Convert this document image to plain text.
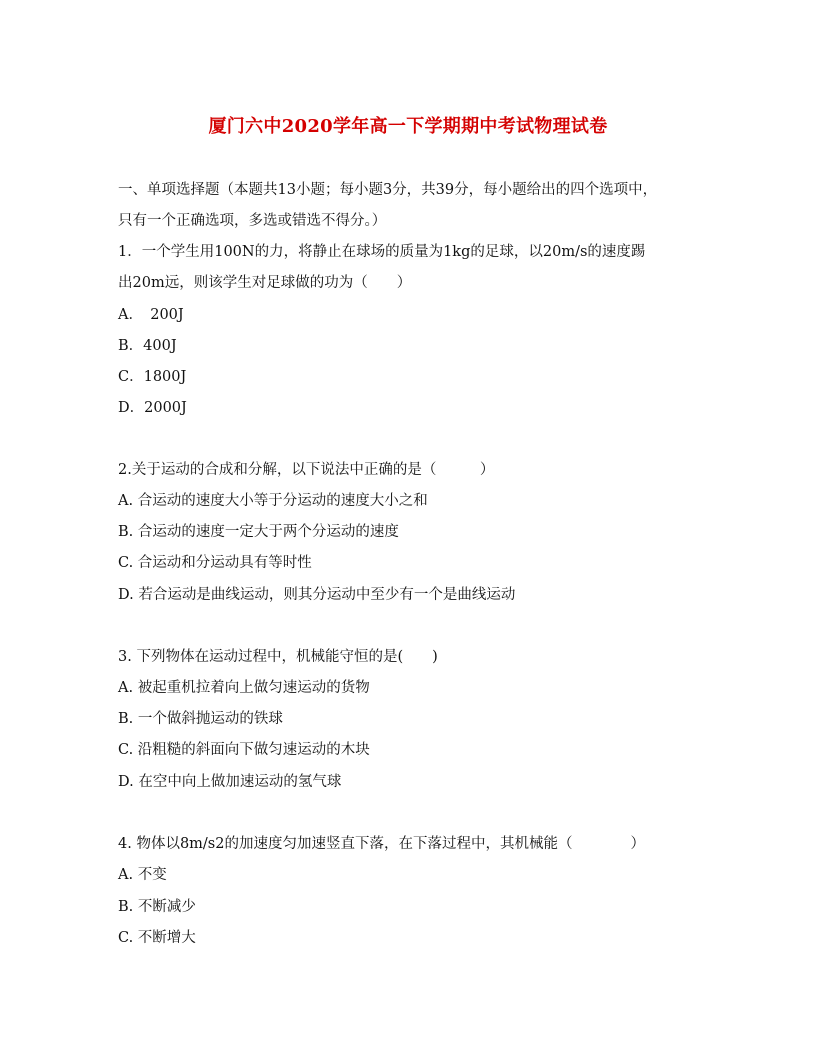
厦门六中2020学年高一下学期期中考试物理试卷
一、单项选择题（本题共13小题；每小题3分，共39分，每小题给出的四个选项中，
只有一个正确选项，多选或错选不得分。）
1．一个学生用100N的力，将静止在球场的质量为1kg的足球，以20m/s的速度踢
出20m远，则该学生对足球做的功为（　　）
A．　200J
B．400J
C．1800J
D．2000J
2.关于运动的合成和分解，以下说法中正确的是（　　　）
A. 合运动的速度大小等于分运动的速度大小之和
B. 合运动的速度一定大于两个分运动的速度
C. 合运动和分运动具有等时性
D. 若合运动是曲线运动，则其分运动中至少有一个是曲线运动
3. 下列物体在运动过程中，机械能守恒的是(　　)
A. 被起重机拉着向上做匀速运动的货物
B. 一个做斜抛运动的铁球
C. 沿粗糙的斜面向下做匀速运动的木块
D. 在空中向上做加速运动的氢气球
4. 物体以8m/s2的加速度匀加速竖直下落，在下落过程中，其机械能（　　　　）
A. 不变
B. 不断减少
C. 不断增大
